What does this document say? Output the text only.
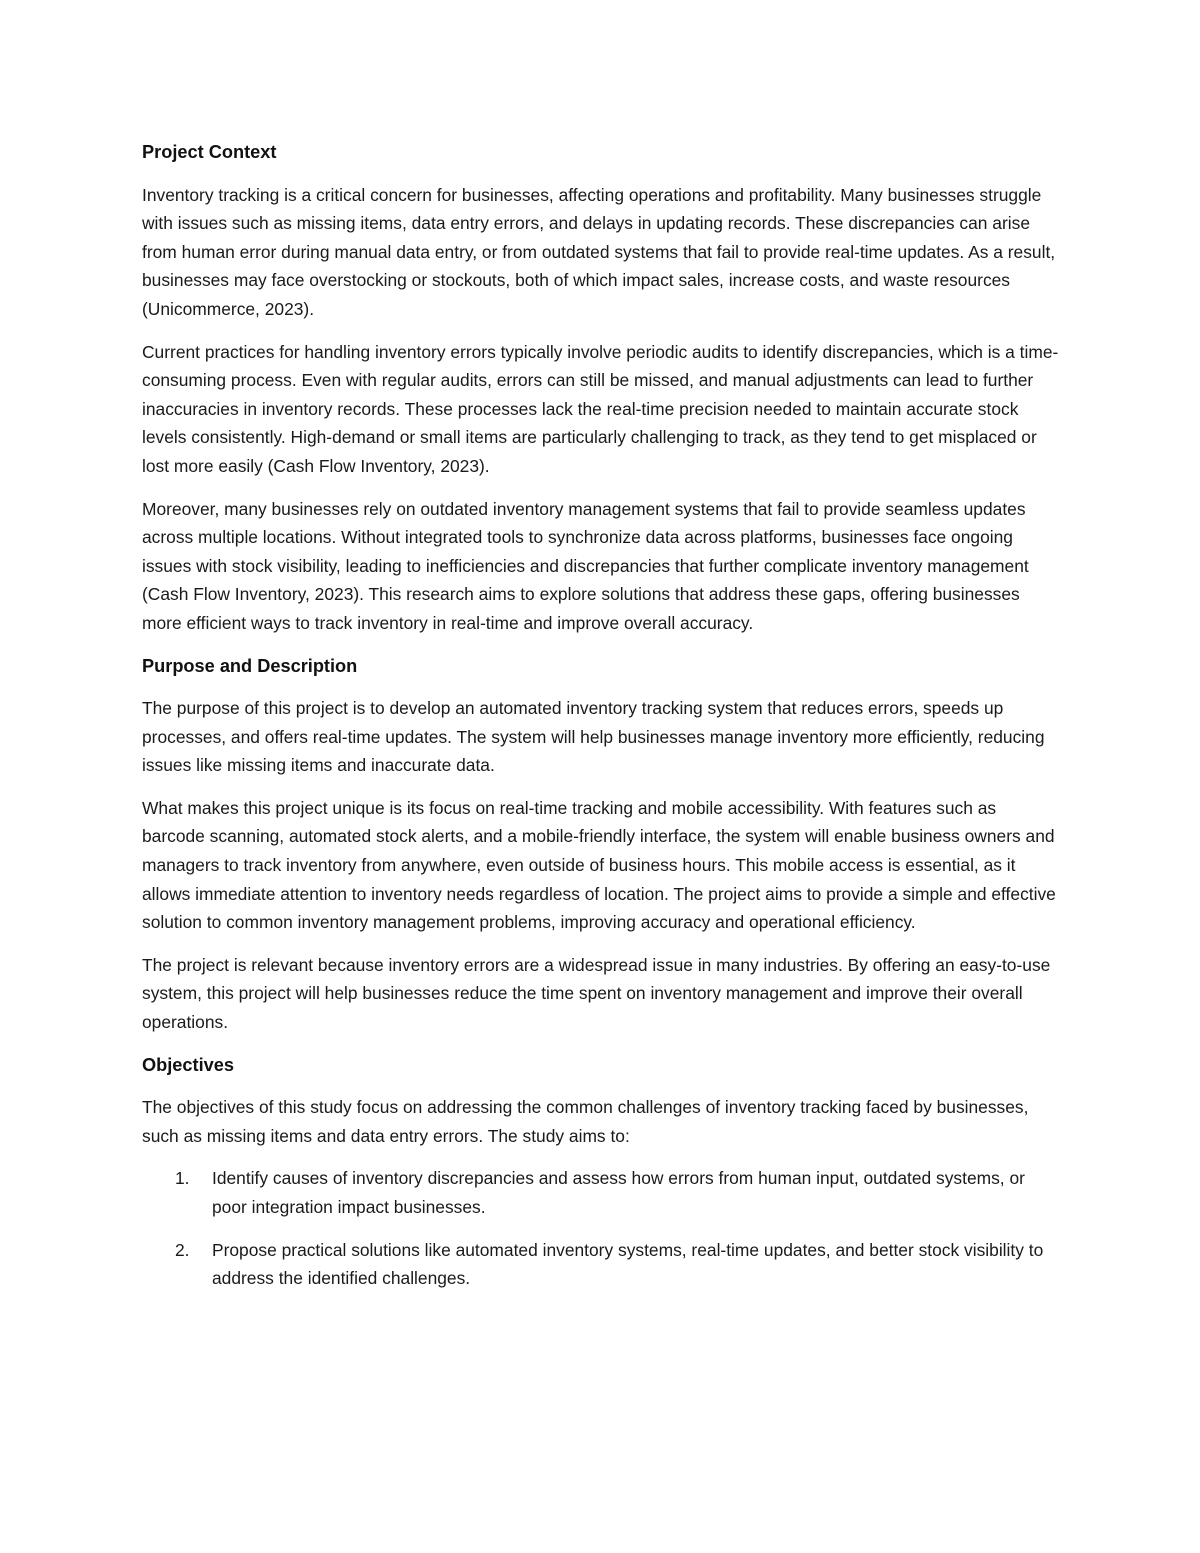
Project Context

Inventory tracking is a critical concern for businesses, affecting operations and profitability. Many businesses struggle with issues such as missing items, data entry errors, and delays in updating records. These discrepancies can arise from human error during manual data entry, or from outdated systems that fail to provide real-time updates. As a result, businesses may face overstocking or stockouts, both of which impact sales, increase costs, and waste resources (Unicommerce, 2023).

Current practices for handling inventory errors typically involve periodic audits to identify discrepancies, which is a time-consuming process. Even with regular audits, errors can still be missed, and manual adjustments can lead to further inaccuracies in inventory records. These processes lack the real-time precision needed to maintain accurate stock levels consistently. High-demand or small items are particularly challenging to track, as they tend to get misplaced or lost more easily (Cash Flow Inventory, 2023).

Moreover, many businesses rely on outdated inventory management systems that fail to provide seamless updates across multiple locations. Without integrated tools to synchronize data across platforms, businesses face ongoing issues with stock visibility, leading to inefficiencies and discrepancies that further complicate inventory management (Cash Flow Inventory, 2023). This research aims to explore solutions that address these gaps, offering businesses more efficient ways to track inventory in real-time and improve overall accuracy.

Purpose and Description

The purpose of this project is to develop an automated inventory tracking system that reduces errors, speeds up processes, and offers real-time updates. The system will help businesses manage inventory more efficiently, reducing issues like missing items and inaccurate data.

What makes this project unique is its focus on real-time tracking and mobile accessibility. With features such as barcode scanning, automated stock alerts, and a mobile-friendly interface, the system will enable business owners and managers to track inventory from anywhere, even outside of business hours. This mobile access is essential, as it allows immediate attention to inventory needs regardless of location. The project aims to provide a simple and effective solution to common inventory management problems, improving accuracy and operational efficiency.

The project is relevant because inventory errors are a widespread issue in many industries. By offering an easy-to-use system, this project will help businesses reduce the time spent on inventory management and improve their overall operations.

Objectives

The objectives of this study focus on addressing the common challenges of inventory tracking faced by businesses, such as missing items and data entry errors. The study aims to:

1. Identify causes of inventory discrepancies and assess how errors from human input, outdated systems, or poor integration impact businesses.
2. Propose practical solutions like automated inventory systems, real-time updates, and better stock visibility to address the identified challenges.
